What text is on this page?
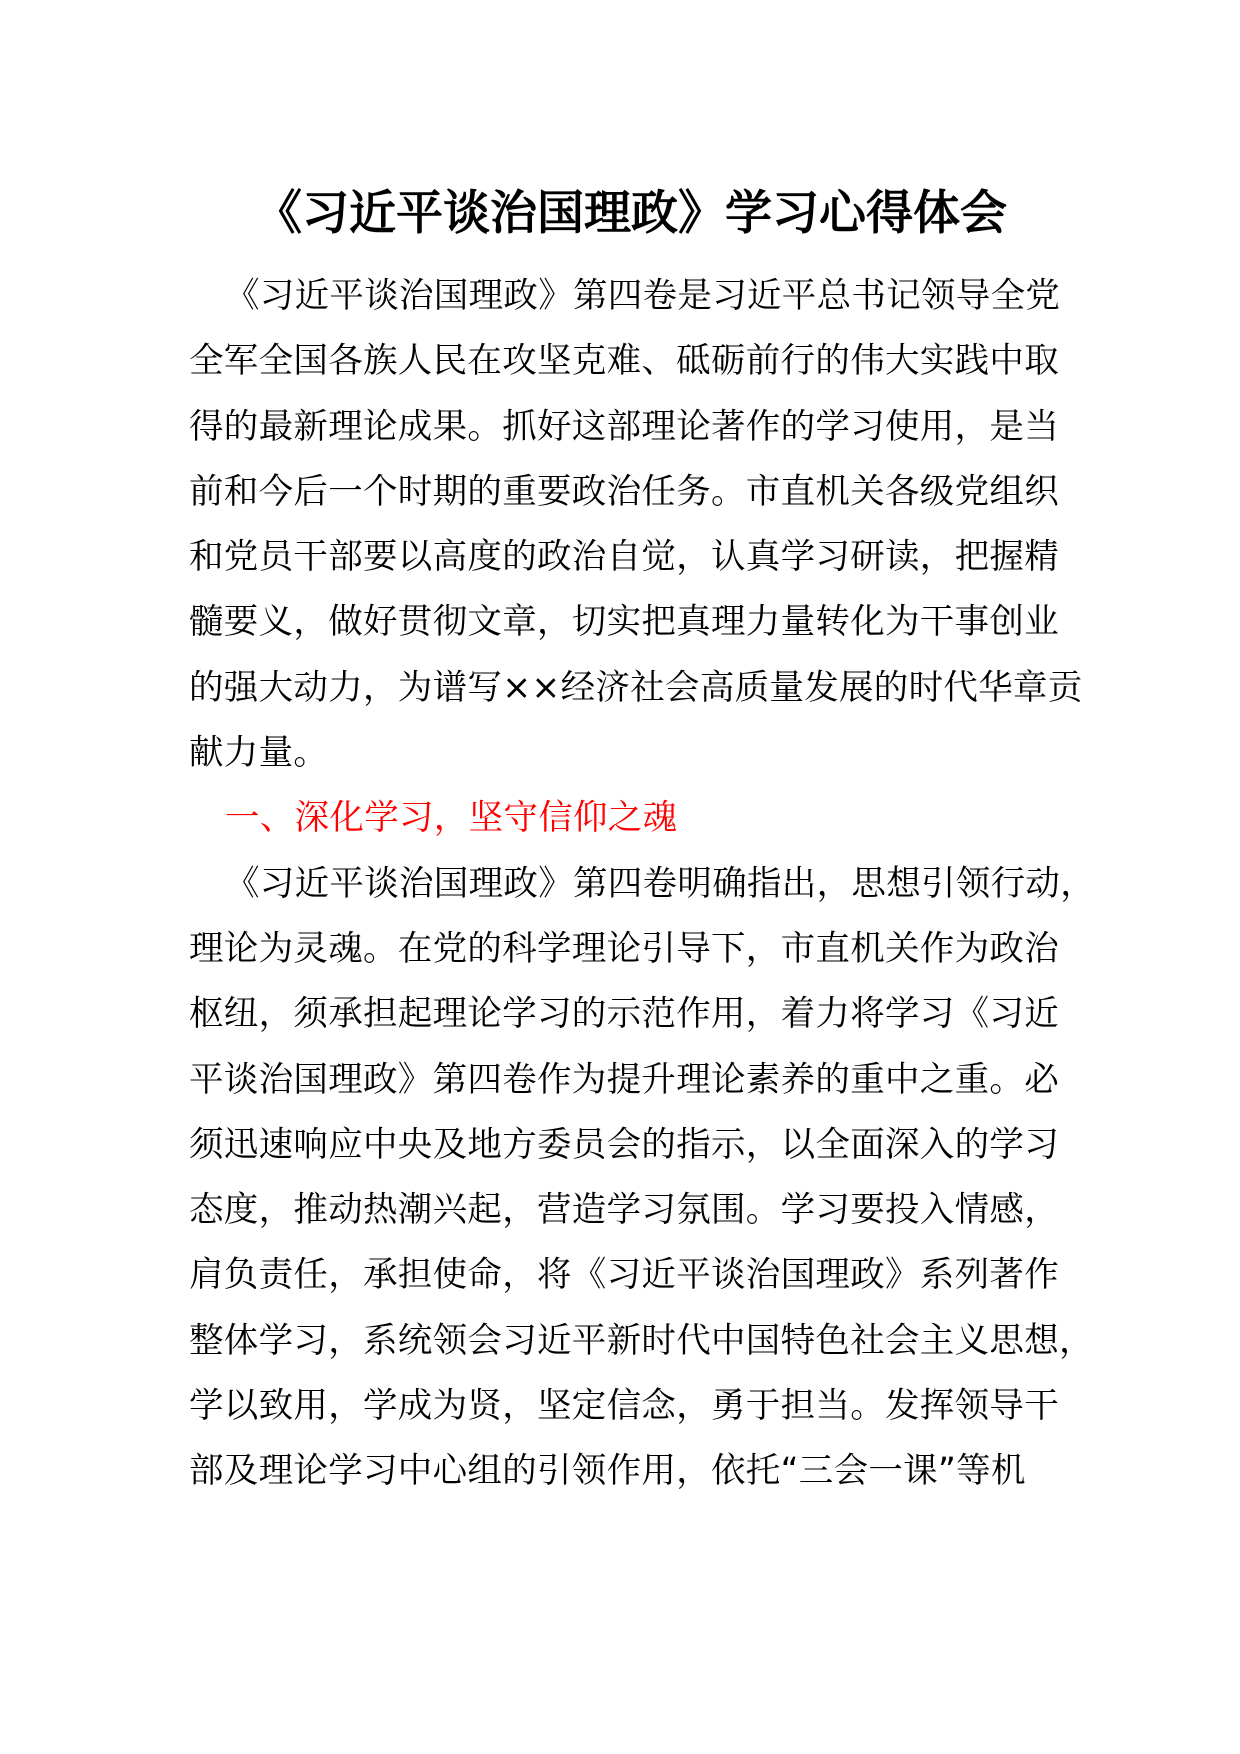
《习近平谈治国理政》学习心得体会
《习近平谈治国理政》第四卷是习近平总书记领导全党
全军全国各族人民在攻坚克难、砥砺前行的伟大实践中取
得的最新理论成果。抓好这部理论著作的学习使用，是当
前和今后一个时期的重要政治任务。市直机关各级党组织
和党员干部要以高度的政治自觉，认真学习研读，把握精
髓要义，做好贯彻文章，切实把真理力量转化为干事创业
的强大动力，为谱写××经济社会高质量发展的时代华章贡
献力量。
一、深化学习，坚守信仰之魂
《习近平谈治国理政》第四卷明确指出，思想引领行动，
理论为灵魂。在党的科学理论引导下，市直机关作为政治
枢纽，须承担起理论学习的示范作用，着力将学习《习近
平谈治国理政》第四卷作为提升理论素养的重中之重。必
须迅速响应中央及地方委员会的指示，以全面深入的学习
态度，推动热潮兴起，营造学习氛围。学习要投入情感，
肩负责任，承担使命，将《习近平谈治国理政》系列著作
整体学习，系统领会习近平新时代中国特色社会主义思想，
学以致用，学成为贤，坚定信念，勇于担当。发挥领导干
部及理论学习中心组的引领作用，依托“三会一课”等机
